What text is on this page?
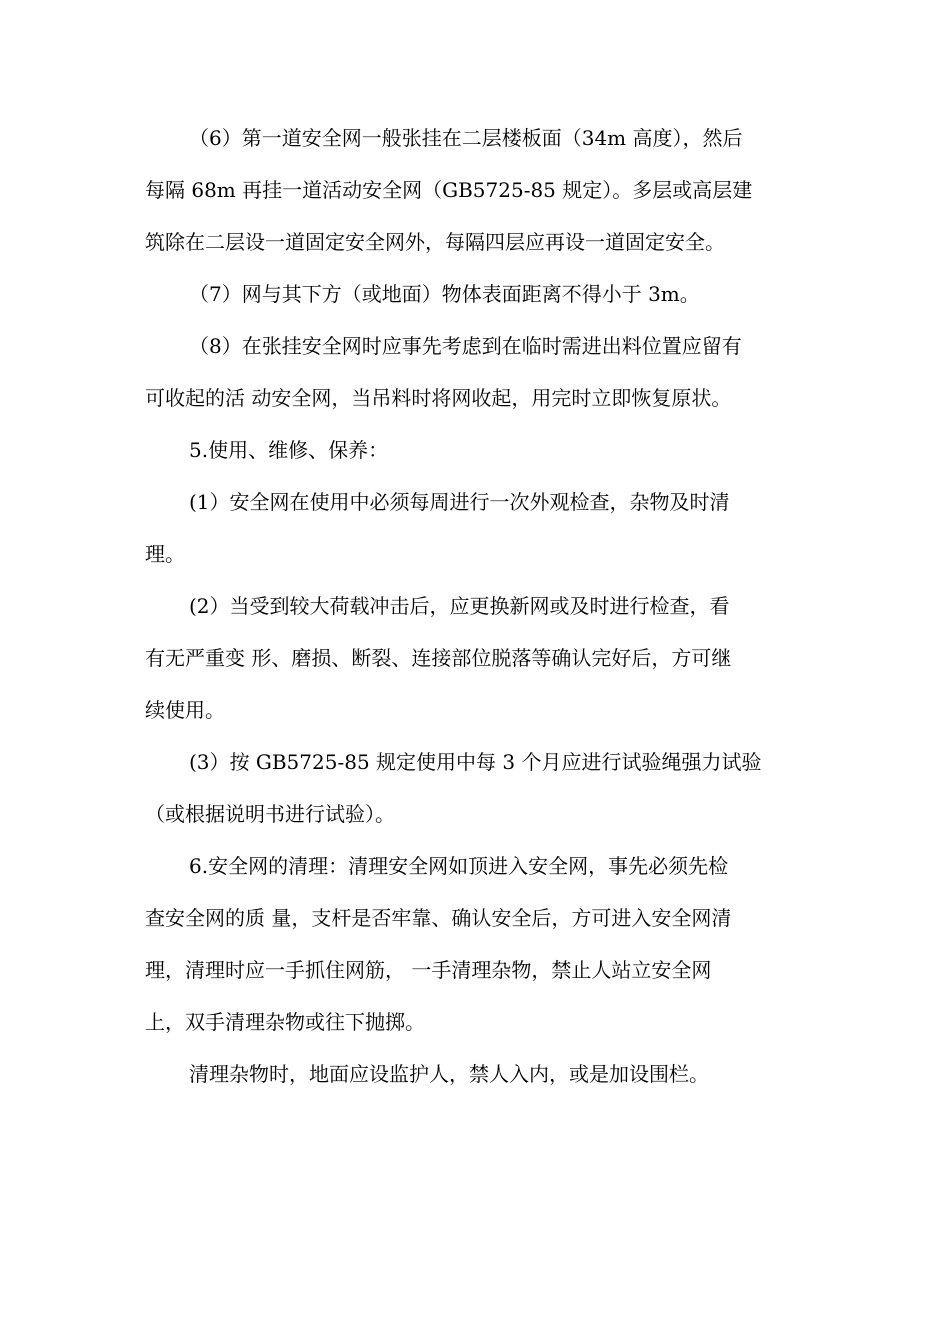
（6）第一道安全网一般张挂在二层楼板面（34m 高度），然后
每隔 68m 再挂一道活动安全网（GB5725-85 规定）。多层或高层建
筑除在二层设一道固定安全网外，每隔四层应再设一道固定安全。
（7）网与其下方（或地面）物体表面距离不得小于 3m。
（8）在张挂安全网时应事先考虑到在临时需进出料位置应留有
可收起的活 动安全网，当吊料时将网收起，用完时立即恢复原状。
5.使用、维修、保养：
(1）安全网在使用中必须每周进行一次外观检查，杂物及时清
理。
(2）当受到较大荷载冲击后，应更换新网或及时进行检查，看
有无严重变 形、磨损、断裂、连接部位脱落等确认完好后，方可继
续使用。
(3）按 GB5725-85 规定使用中每 3 个月应进行试验绳强力试验
（或根据说明书进行试验）。
6.安全网的清理：清理安全网如顶进入安全网，事先必须先检
查安全网的质 量，支杆是否牢靠、确认安全后，方可进入安全网清
理，清理时应一手抓住网筋， 一手清理杂物，禁止人站立安全网
上，双手清理杂物或往下抛掷。
清理杂物时，地面应设监护人，禁人入内，或是加设围栏。
